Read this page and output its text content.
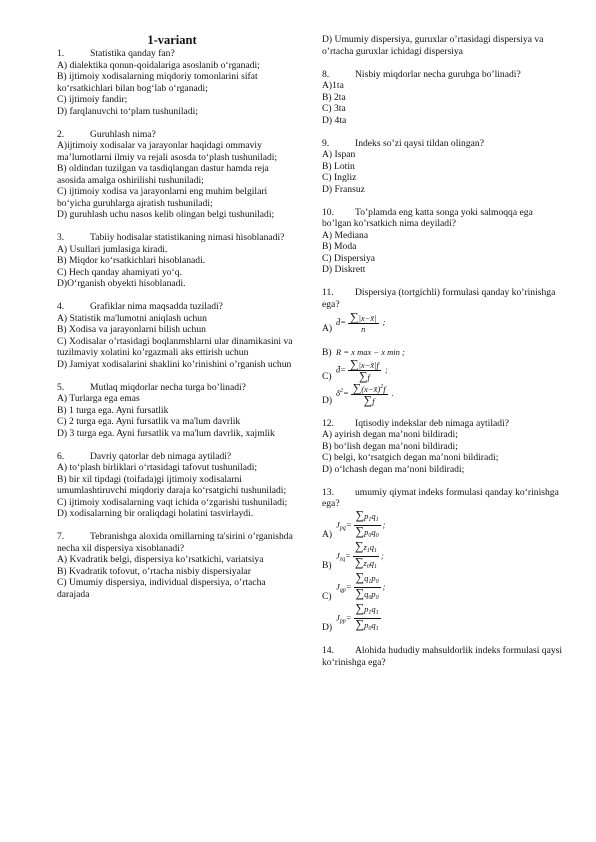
1-variant
1.	Statistika qanday fan?
A) dialektika qonun-qoidalariga asoslanib o‘rganadi;
B) ijtimoiy xodisalarning miqdoriy tomonlarini sifat ko‘rsatkichlari bilan bog‘lab o‘rganadi;
C) ijtimoiy fandir;
D) farqlanuvchi to‘plam tushuniladi;
2.	Guruhlash nima?
A)ijtimoiy xodisalar va jarayonlar haqidagi ommaviy ma’lumotlarni ilmiy va rejali asosda to‘plash tushuniladi;
B) oldindan tuzilgan va tasdiqlangan dastur hamda reja asosida amalga oshirilishi tushuniladi;
C) ijtimoiy xodisa va jarayonlarni eng muhim belgilari bo‘yicha guruhlarga ajratish tushuniladi;
D) guruhlash uchu nasos kelib olingan belgi tushuniladi;
3.	Tabiiy hodisalar statistikaning nimasi hisoblanadi?
A) Usullari jumlasiga kiradi.
B) Miqdor ko‘rsatkichlari hisoblanadi.
C) Hech qanday ahamiyati yo‘q.
D)O‘rganish obyekti hisoblanadi.
4.	Grafiklar nima maqsadda tuziladi?
A) Statistik ma'lumotni aniqlash uchun
B) Xodisa va jarayonlarni bilish uchun
C) Xodisalar o’rtasidagi boqlanmshlarni ular dinamikasini va tuzilmaviy xolatini ko’rgazmali aks ettirish uchun
D) Jamiyat xodisalarini shaklini ko’rinishini o’rganish uchun
5.	Mutlaq miqdorlar necha turga bo’linadi?
A) Turlarga ega emas
B) 1 turga ega. Ayni fursatlik
C) 2 turga ega. Ayni fursatlik va ma'lum davrlik
D) 3 turga ega. Ayni fursatlik va ma'lum davrlik, xajmlik
6.	Davriy qatorlar deb nimaga aytiladi?
A) to‘plash birliklari o‘rtasidagi tafovut tushuniladi;
B) bir xil tipdagi (toifada)gi ijtimoiy xodisalarni umumlashtiruvchi miqdoriy daraja ko‘rsatgichi tushuniladi;
C) ijtimoiy xodisalarning vaqt ichida o‘zgarishi tushuniladi;
D) xodisalarning bir oraliqdagi holatini tasvirlaydi.
7.	Tebranishga aloxida omillarning ta'sirini o’rganishda necha xil dispersiya xisoblanadi?
A) Kvadratik belgi, dispersiya ko’rsatkichi, variatsiya
B) Kvadratik tofovut, o’rtacha nisbiy dispersiyalar
C) Umumiy dispersiya, individual dispersiya, o’rtacha darajada
D) Umumiy dispersiya, guruxlar o’rtasidagi dispersiya va o’rtacha guruxlar ichidagi dispersiya
8.	Nisbiy miqdorlar necha guruhga bo’linadi?
A)1ta
B) 2ta
C) 3ta
D) 4ta
9.	Indeks so’zi qaysi tildan olingan?
A) Ispan
B) Lotin
C) Ingliz
D) Fransuz
10. To’plamda eng katta songa yoki salmoqqa ega bo’lgan ko’rsatkich nima deyiladi?
A) Mediana
B) Moda
C) Dispersiya
D) Diskrett
11. Dispersiya (tortgichli) formulasi qanday ko’rinishga ega?
A)
d̄= $\frac{\sum|x-x̄|}{n}$ ;
B) R = x max − x min ;
C)
d̄= $\frac{\sum|x-x̄|f}{\sum f}$ ;
D)
$\delta^2= \frac{\sum(x-x̄)^2f}{\sum f}$ .
12. Iqtisodiy indekslar deb nimaga aytiladi?
A) ayirish degan ma’noni bildiradi;
B) bo‘lish degan ma’noni bildiradi;
C) belgi, ko‘rsatgich degan ma’noni bildiradi;
D) o‘lchash degan ma’noni bildiradi;
13. umumiy qiymat indeks formulasi qanday ko‘rinishga ega?
A)
$J_{pq}= \frac{\sum p_1q_1}{\sum p_0q_0}$ ;
B)
$J_{zq}= \frac{\sum z_1q_1}{\sum z_0q_1}$ ;
C)
$J_{qp}= \frac{\sum q_1p_0}{\sum q_0p_0}$ ;
D)
$J_{pp}= \frac{\sum p_1q_1}{\sum p_0q_1}$
14. Alohida hududiy mahsuldorlik indeks formulasi qaysi ko‘rinishga ega?
